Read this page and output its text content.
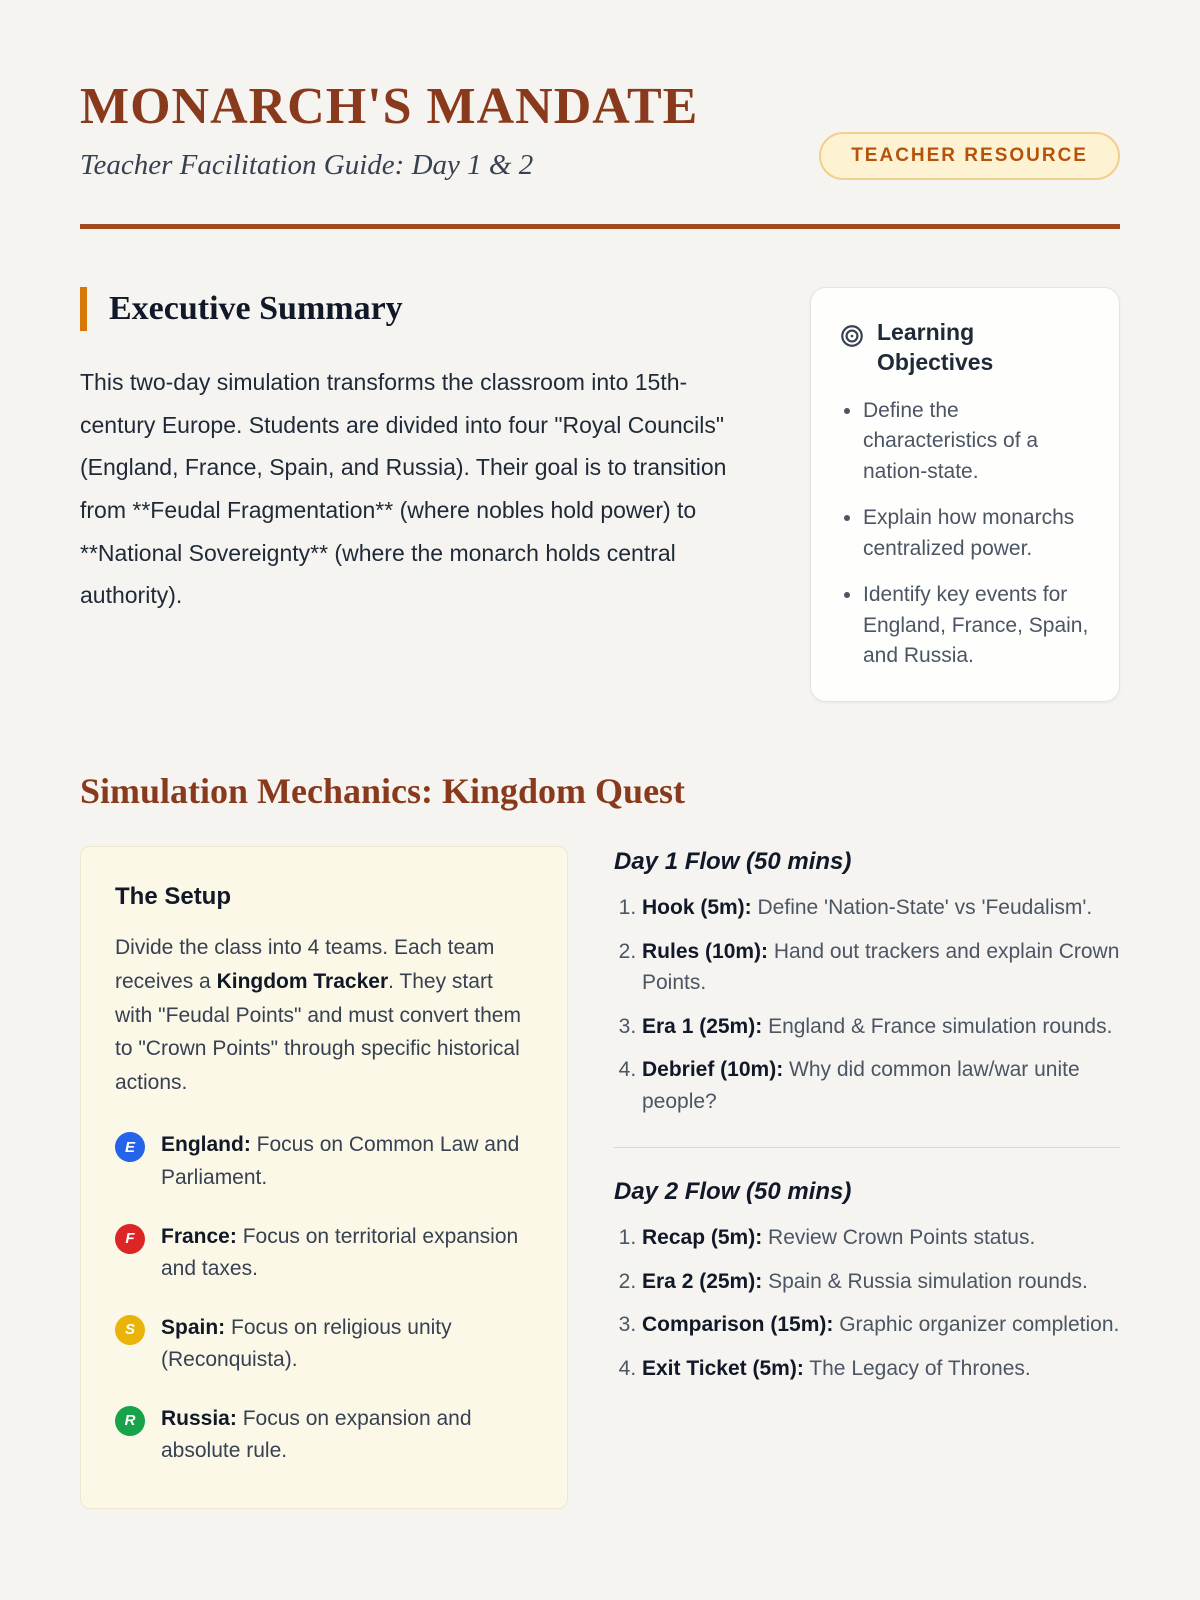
MONARCH'S MANDATE

Teacher Facilitation Guide: Day 1 & 2	TEACHER RESOURCE
Executive Summary

This two-day simulation transforms the classroom into 15th-century Europe. Students are divided into four "Royal Councils" (England, France, Spain, and Russia). Their goal is to transition from **Feudal Fragmentation** (where nobles hold power) to **National Sovereignty** (where the monarch holds central authority).

Learning Objectives
• Define the characteristics of a nation-state.
• Explain how monarchs centralized power.
• Identify key events for England, France, Spain, and Russia.
Simulation Mechanics: Kingdom Quest
The Setup

Divide the class into 4 teams. Each team receives a Kingdom Tracker. They start with "Feudal Points" and must convert them to "Crown Points" through specific historical actions.

E	England: Focus on Common Law and Parliament.
F	France: Focus on territorial expansion and taxes.
S	Spain: Focus on religious unity (Reconquista).
R	Russia: Focus on expansion and absolute rule.
Day 1 Flow (50 mins)
1. Hook (5m): Define 'Nation-State' vs 'Feudalism'.
2. Rules (10m): Hand out trackers and explain Crown Points.
3. Era 1 (25m): England & France simulation rounds.
4. Debrief (10m): Why did common law/war unite people?
Day 2 Flow (50 mins)
1. Recap (5m): Review Crown Points status.
2. Era 2 (25m): Spain & Russia simulation rounds.
3. Comparison (15m): Graphic organizer completion.
4. Exit Ticket (5m): The Legacy of Thrones.
